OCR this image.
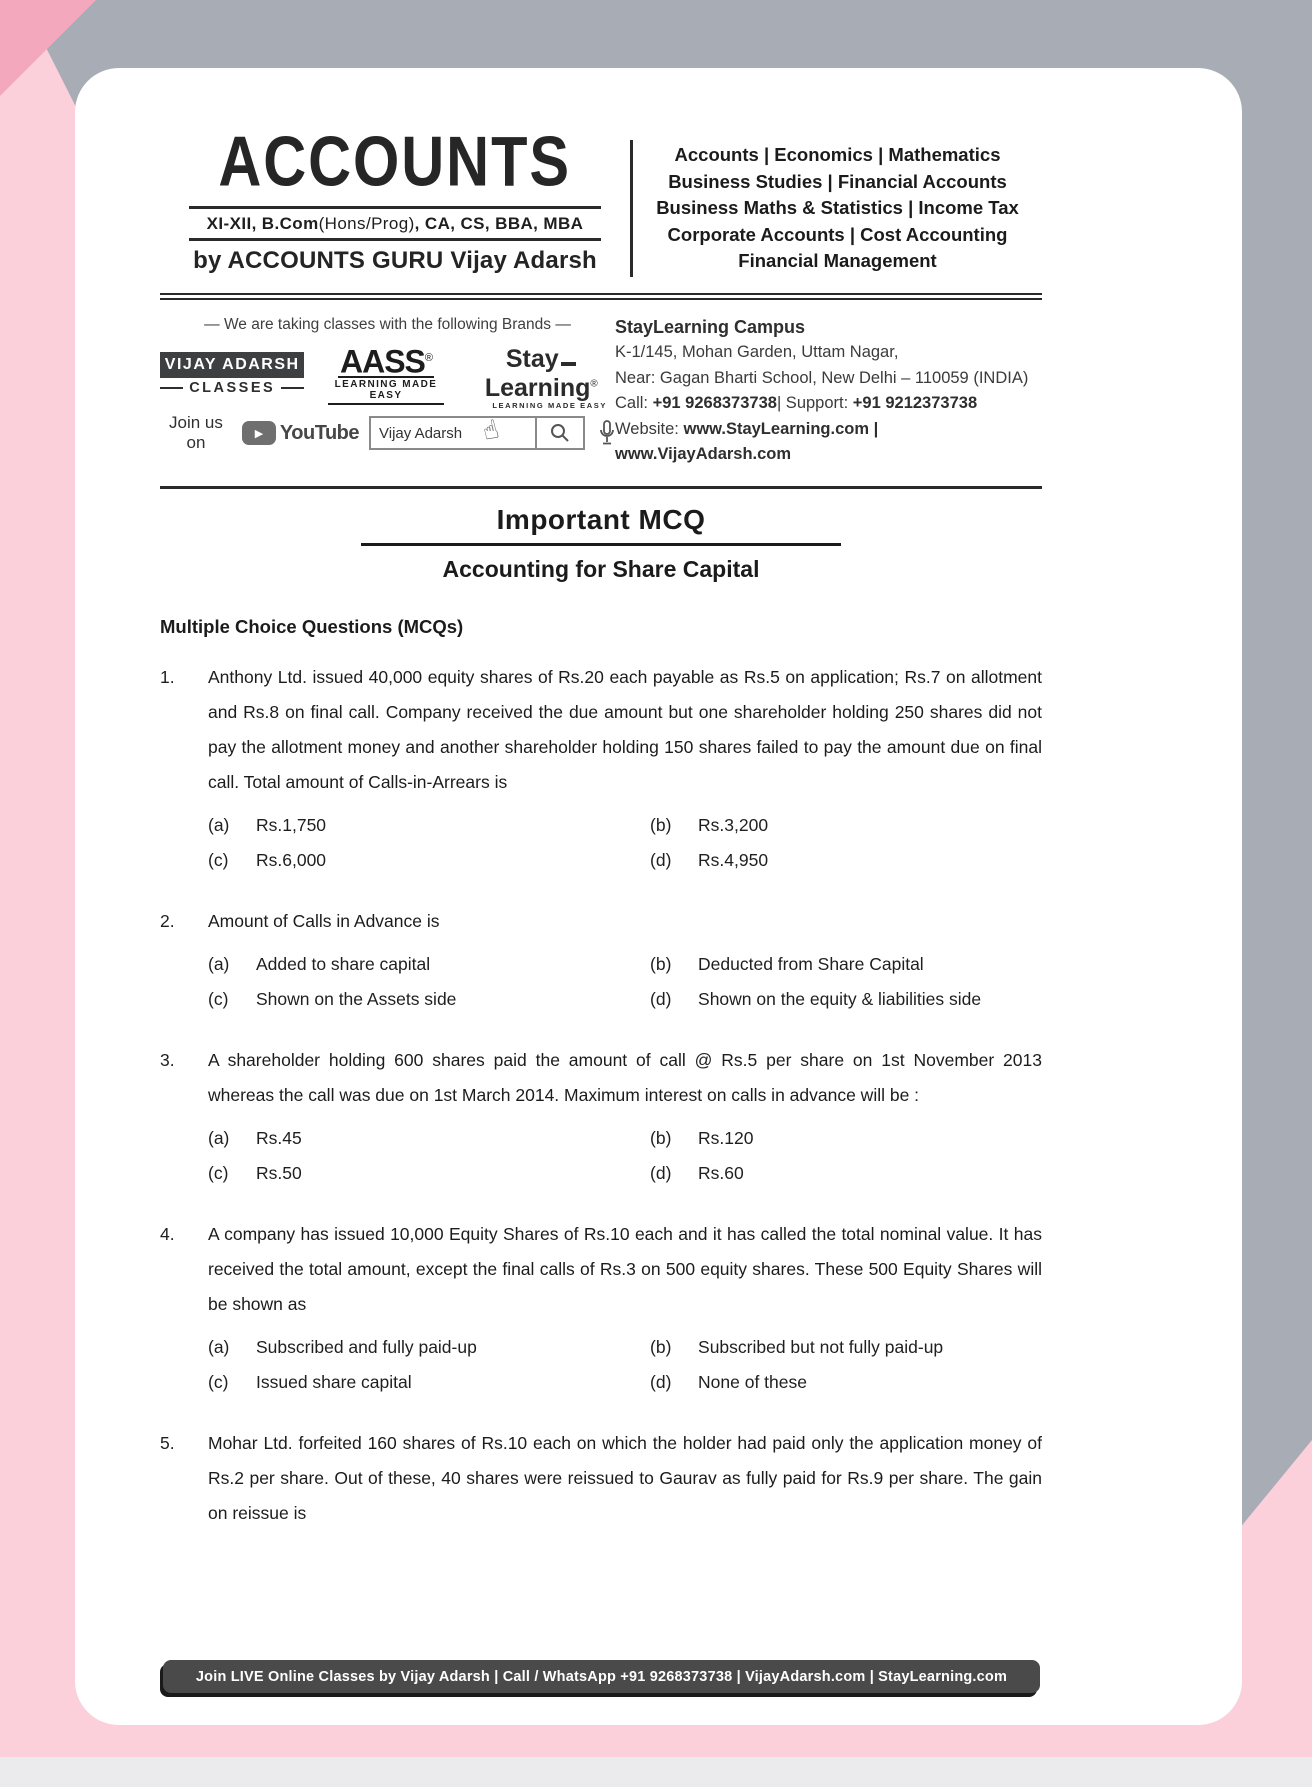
ACCOUNTS
XI-XII, B.Com(Hons/Prog), CA, CS, BBA, MBA
by ACCOUNTS GURU Vijay Adarsh
Accounts | Economics | Mathematics
Business Studies | Financial Accounts
Business Maths & Statistics | Income Tax
Corporate Accounts | Cost Accounting
Financial Management
— We are taking classes with the following Brands —
VIJAY ADARSH
CLASSES
AASS®
LEARNING MADE EASY
StayLearning®
LEARNING MADE EASY
Join us on	▶ YouTube
Vijay Adarsh	☝
StayLearning Campus
K-1/145, Mohan Garden, Uttam Nagar,
Near: Gagan Bharti School, New Delhi – 110059 (INDIA)
Call: +91 9268373738| Support: +91 9212373738
Website: www.StayLearning.com | www.VijayAdarsh.com
Important MCQ
Accounting for Share Capital
Multiple Choice Questions (MCQs)
1.	Anthony Ltd. issued 40,000 equity shares of Rs.20 each payable as Rs.5 on application; Rs.7 on allotment and Rs.8 on final call. Company received the due amount but one shareholder holding 250 shares did not pay the allotment money and another shareholder holding 150 shares failed to pay the amount due on final call. Total amount of Calls-in-Arrears is
(a)	Rs.1,750	(b)	Rs.3,200
(c)	Rs.6,000	(d)	Rs.4,950
2.	Amount of Calls in Advance is
(a)	Added to share capital	(b)	Deducted from Share Capital
(c)	Shown on the Assets side	(d)	Shown on the equity & liabilities side
3.	A shareholder holding 600 shares paid the amount of call @ Rs.5 per share on 1st November 2013 whereas the call was due on 1st March 2014. Maximum interest on calls in advance will be :
(a)	Rs.45	(b)	Rs.120
(c)	Rs.50	(d)	Rs.60
4.	A company has issued 10,000 Equity Shares of Rs.10 each and it has called the total nominal value. It has received the total amount, except the final calls of Rs.3 on 500 equity shares. These 500 Equity Shares will be shown as
(a)	Subscribed and fully paid-up	(b)	Subscribed but not fully paid-up
(c)	Issued share capital	(d)	None of these
5.	Mohar Ltd. forfeited 160 shares of Rs.10 each on which the holder had paid only the application money of Rs.2 per share. Out of these, 40 shares were reissued to Gaurav as fully paid for Rs.9 per share. The gain on reissue is
Join LIVE Online Classes by Vijay Adarsh | Call / WhatsApp +91 9268373738 | VijayAdarsh.com | StayLearning.com
